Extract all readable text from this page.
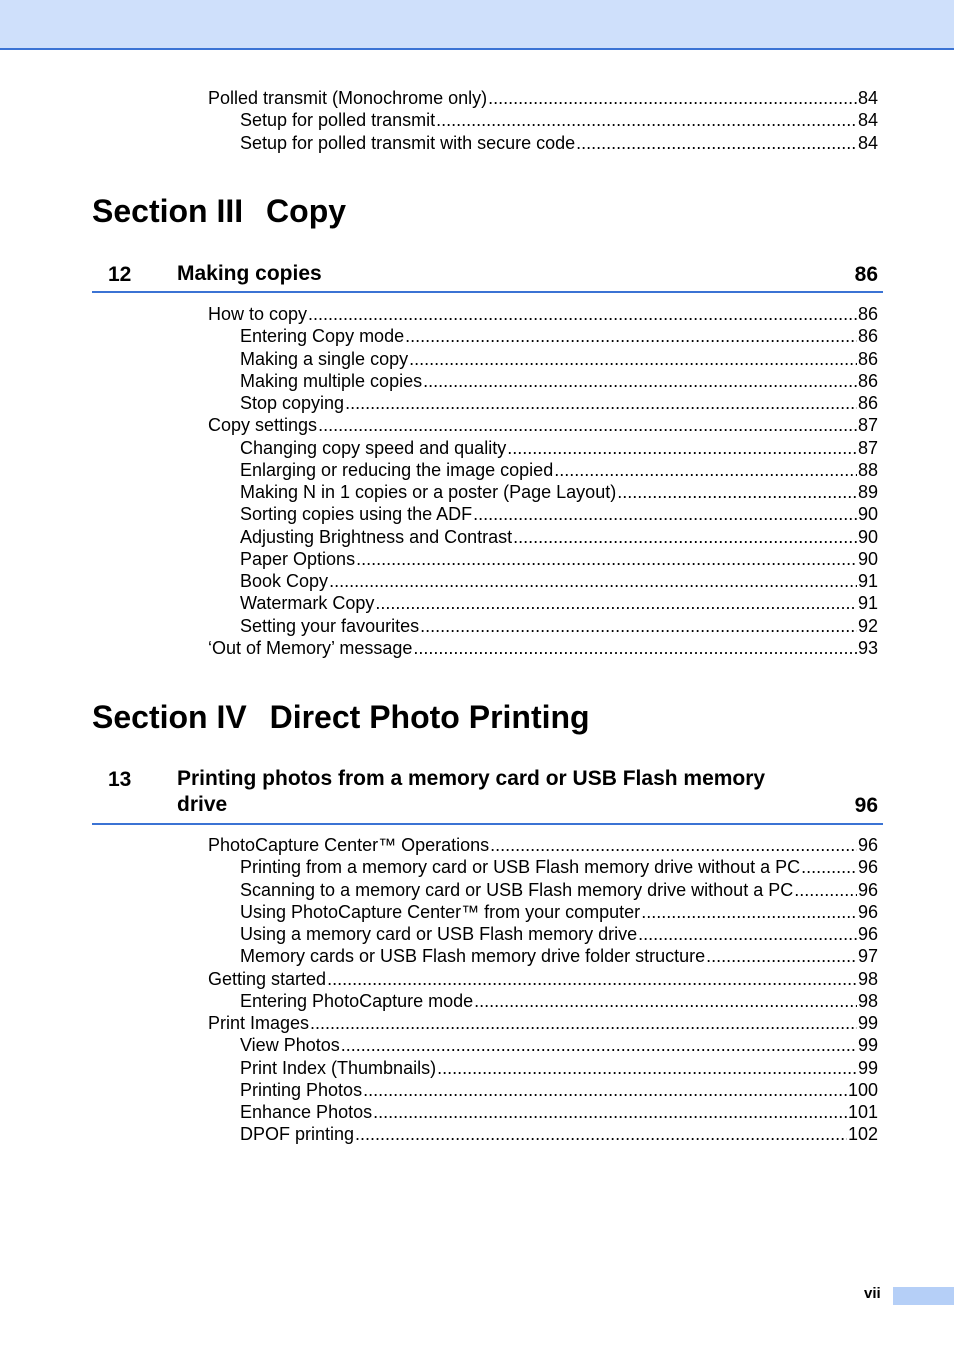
Polled transmit (Monochrome only) .....	84
Setup for polled transmit .....	84
Setup for polled transmit with secure code .....	84
Section III Copy
12 Making copies	86
How to copy .....	86
Entering Copy mode .....	86
Making a single copy .....	86
Making multiple copies .....	86
Stop copying .....	86
Copy settings .....	87
Changing copy speed and quality .....	87
Enlarging or reducing the image copied .....	88
Making N in 1 copies or a poster (Page Layout) .....	89
Sorting copies using the ADF .....	90
Adjusting Brightness and Contrast .....	90
Paper Options .....	90
Book Copy .....	91
Watermark Copy .....	91
Setting your favourites .....	92
‘Out of Memory’ message .....	93
Section IV Direct Photo Printing
13 Printing photos from a memory card or USB Flash memory
drive	96
PhotoCapture Center™ Operations .....	96
Printing from a memory card or USB Flash memory drive without a PC .....	96
Scanning to a memory card or USB Flash memory drive without a PC .....	96
Using PhotoCapture Center™ from your computer .....	96
Using a memory card or USB Flash memory drive .....	96
Memory cards or USB Flash memory drive folder structure .....	97
Getting started .....	98
Entering PhotoCapture mode .....	98
Print Images .....	99
View Photos .....	99
Print Index (Thumbnails) .....	99
Printing Photos .....	100
Enhance Photos .....	101
DPOF printing .....	102
vii
